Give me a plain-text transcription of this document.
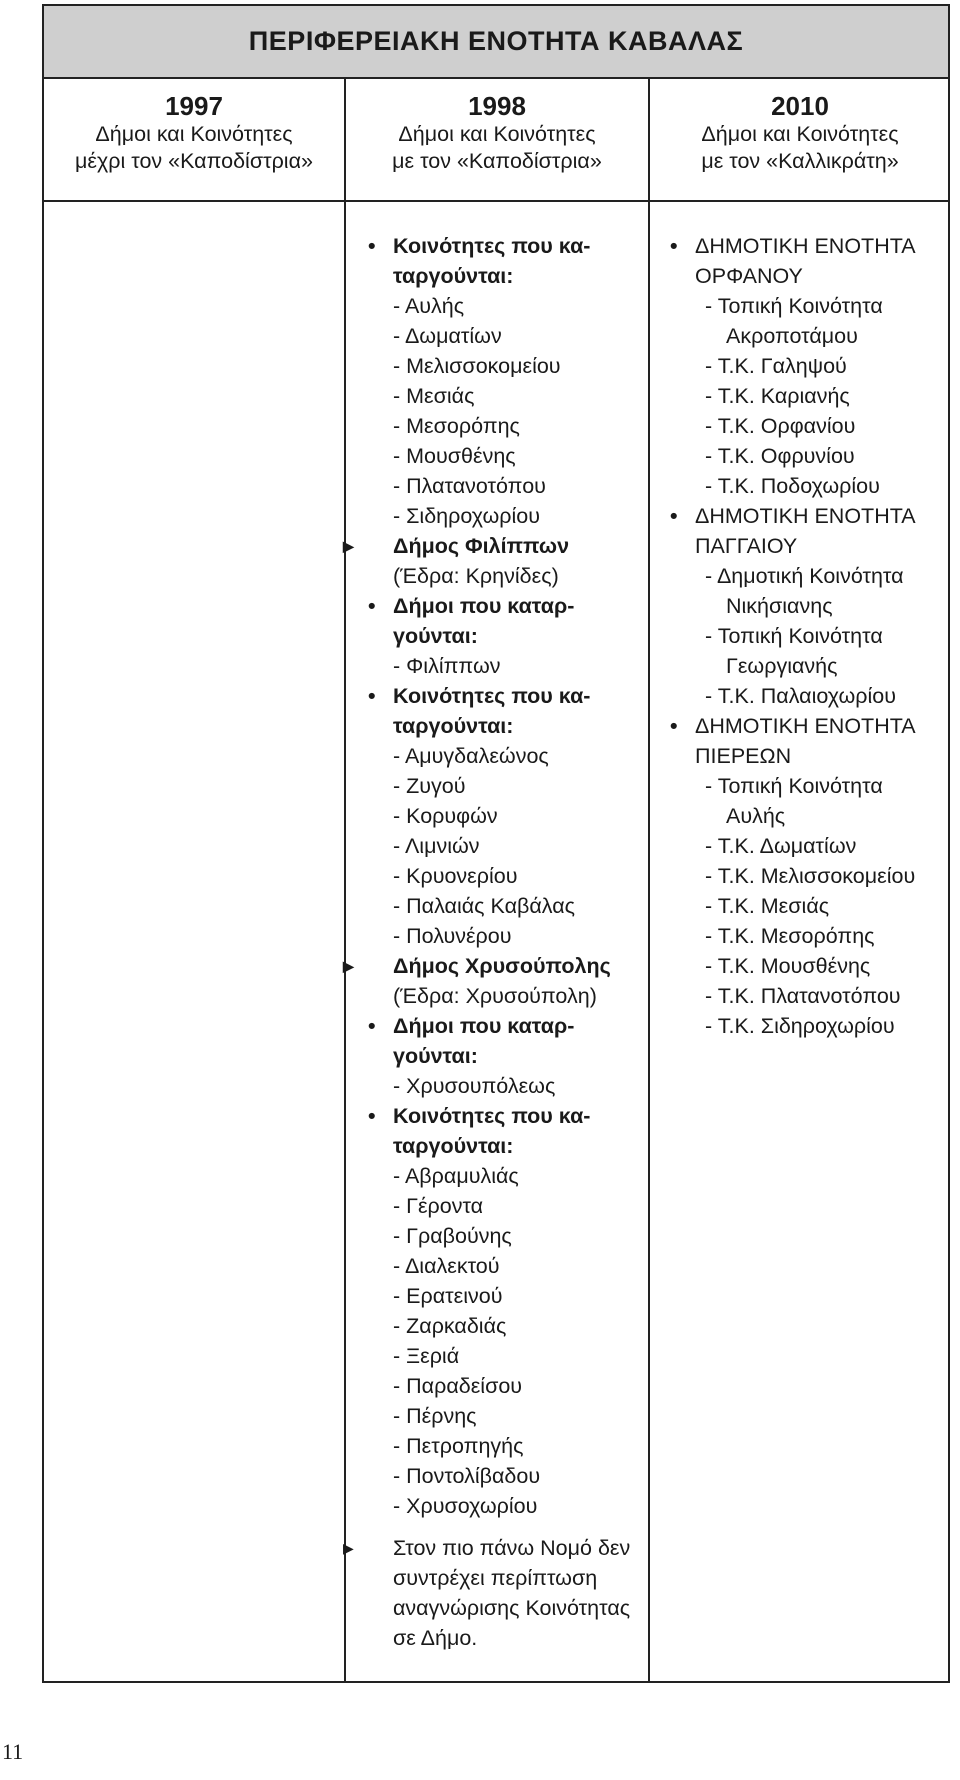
ΠΕΡΙΦΕΡΕΙΑΚΗ ΕΝΟΤΗΤΑ ΚΑΒΑΛΑΣ
1997
Δήμοι και Κοινότητες
μέχρι τον «Καποδίστρια»
1998
Δήμοι και Κοινότητες
με τον «Καποδίστρια»
2010
Δήμοι και Κοινότητες
με τον «Καλλικράτη»
• Κοινότητες που κα-
ταργούνται:
- Αυλής
- Δωματίων
- Μελισσοκομείου
- Μεσιάς
- Μεσορόπης
- Μουσθένης
- Πλατανοτόπου
- Σιδηροχωρίου
▶ Δήμος Φιλίππων
(Έδρα: Κρηνίδες)
• Δήμοι που καταρ-
γούνται:
- Φιλίππων
• Κοινότητες που κα-
ταργούνται:
- Αμυγδαλεώνος
- Ζυγού
- Κορυφών
- Λιμνιών
- Κρυονερίου
- Παλαιάς Καβάλας
- Πολυνέρου
▶ Δήμος Χρυσούπολης
(Έδρα: Χρυσούπολη)
• Δήμοι που καταρ-
γούνται:
- Χρυσουπόλεως
• Κοινότητες που κα-
ταργούνται:
- Αβραμυλιάς
- Γέροντα
- Γραβούνης
- Διαλεκτού
- Ερατεινού
- Ζαρκαδιάς
- Ξεριά
- Παραδείσου
- Πέρνης
- Πετροπηγής
- Ποντολίβαδου
- Χρυσοχωρίου
▶ Στον πιο πάνω Νομό δεν
συντρέχει περίπτωση
αναγνώρισης Κοινότητας
σε Δήμο.
• ΔΗΜΟΤΙΚΗ ΕΝΟΤΗΤΑ
ΟΡΦΑΝΟΥ
- Τοπική Κοινότητα
Ακροποτάμου
- Τ.Κ. Γαληψού
- Τ.Κ. Καριανής
- Τ.Κ. Ορφανίου
- Τ.Κ. Οφρυνίου
- Τ.Κ. Ποδοχωρίου
• ΔΗΜΟΤΙΚΗ ΕΝΟΤΗΤΑ
ΠΑΓΓΑΙΟΥ
- Δημοτική Κοινότητα
Νικήσιανης
- Τοπική Κοινότητα
Γεωργιανής
- Τ.Κ. Παλαιοχωρίου
• ΔΗΜΟΤΙΚΗ ΕΝΟΤΗΤΑ
ΠΙΕΡΕΩΝ
- Τοπική Κοινότητα
Αυλής
- Τ.Κ. Δωματίων
- Τ.Κ. Μελισσοκομείου
- Τ.Κ. Μεσιάς
- Τ.Κ. Μεσορόπης
- Τ.Κ. Μουσθένης
- Τ.Κ. Πλατανοτόπου
- Τ.Κ. Σιδηροχωρίου
11
